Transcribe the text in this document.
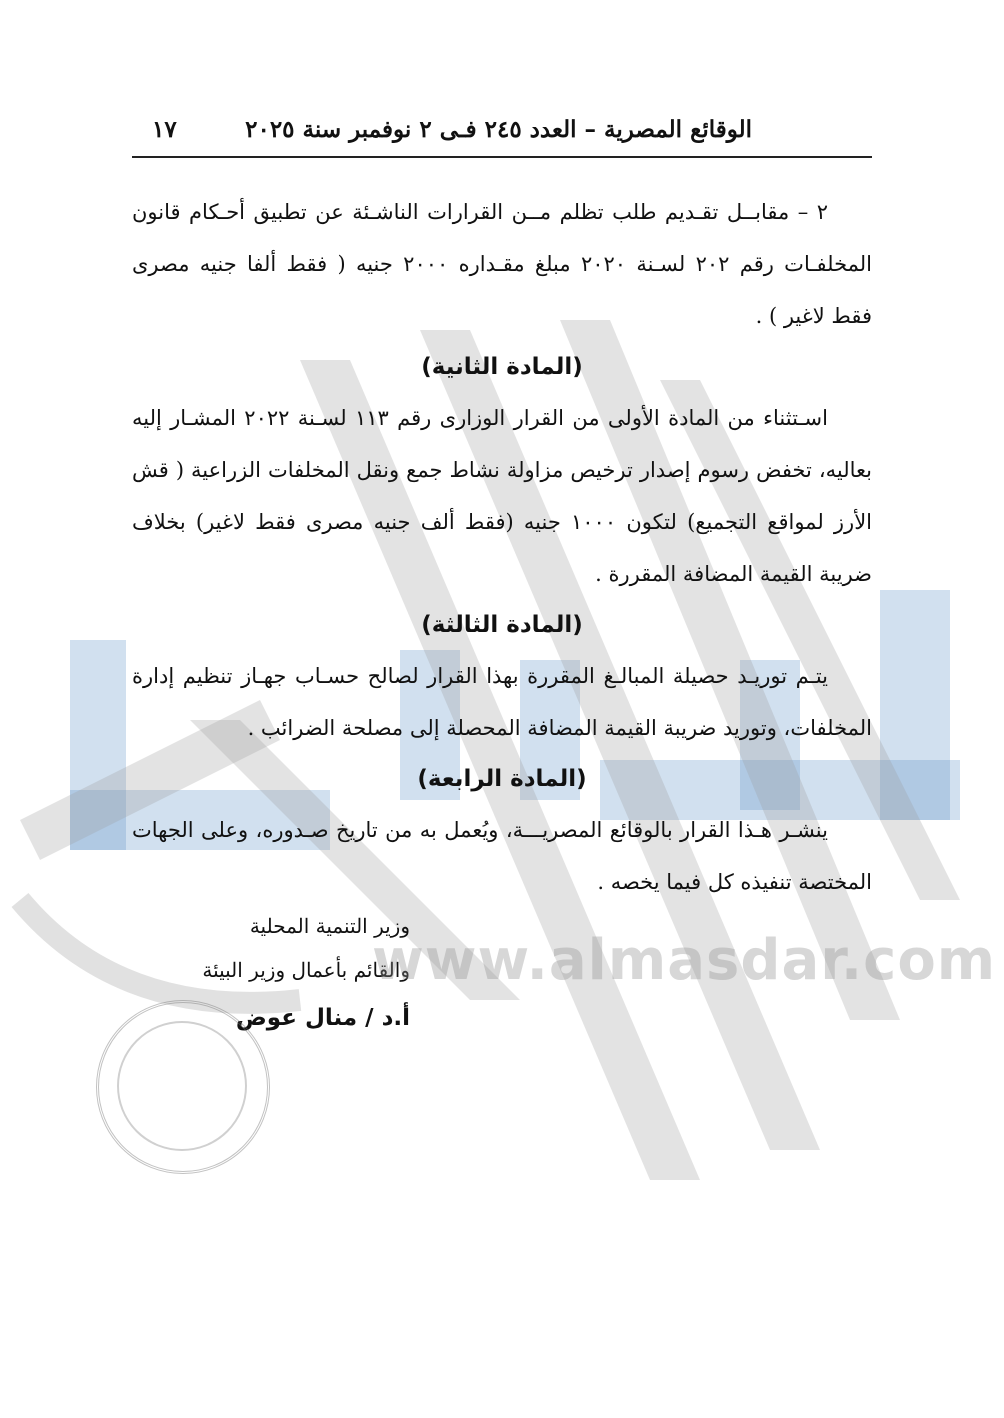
الوقائع المصرية – العدد ٢٤٥ فـى ٢ نوفمبر سنة ٢٠٢٥
١٧

٢ – مقابــل تقـديم طلب تظلم مــن القرارات الناشـئة عن تطبيق أحـكام قانون المخلفـات رقم ٢٠٢ لسـنة ٢٠٢٠ مبلغ مقـداره ٢٠٠٠ جنيه ( فقط ألفا جنيه مصرى فقط لاغير ) .

(المادة الثانية)

اسـتثناء من المادة الأولى من القرار الوزارى رقم ١١٣ لسـنة ٢٠٢٢ المشـار إليه بعاليه، تخفض رسوم إصدار ترخيص مزاولة نشاط جمع ونقل المخلفات الزراعية ( قش الأرز لمواقع التجميع) لتكون ١٠٠٠ جنيه (فقط ألف جنيه مصرى فقط لاغير) بخلاف ضريبة القيمة المضافة المقررة .

(المادة الثالثة)

يتـم توريـد حصيلة المبالـغ المقررة بهذا القرار لصالح حسـاب جهـاز تنظيم إدارة المخلفات، وتوريد ضريبة القيمة المضافة المحصلة إلى مصلحة الضرائب .

(المادة الرابعة)

ينشـر هـذا القرار بالوقائع المصريـــة، ويُعمل به من تاريخ صـدوره، وعلى الجهات المختصة تنفيذه كل فيما يخصه .

وزير التنمية المحلية
والقائم بأعمال وزير البيئة
أ.د / منال عوض
www.almasdar.com
